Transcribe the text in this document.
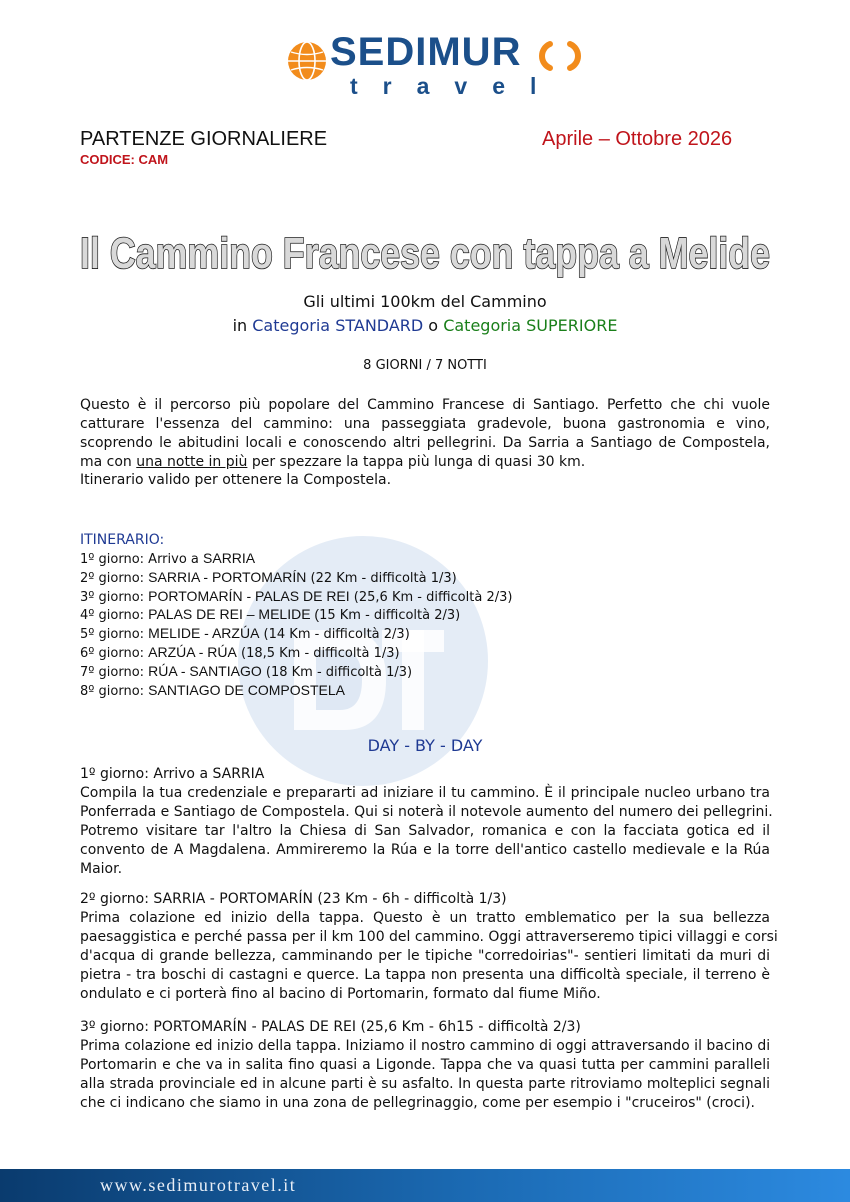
SEDIMUR
travel
PARTENZE GIORNALIERE
CODICE: CAM
Aprile – Ottobre 2026
Il Cammino Francese con tappa a Melide
Gli ultimi 100km del Cammino
in Categoria STANDARD o Categoria SUPERIORE
8 GIORNI / 7 NOTTI
Questo è il percorso più popolare del Cammino Francese di Santiago. Perfetto che chi vuole
catturare l'essenza del cammino: una passeggiata gradevole, buona gastronomia e vino,
scoprendo le abitudini locali e conoscendo altri pellegrini. Da Sarria a Santiago de Compostela,
ma con una notte in più per spezzare la tappa più lunga di quasi 30 km.
Itinerario valido per ottenere la Compostela.
ITINERARIO:
1º giorno: Arrivo a SARRIA
2º giorno: SARRIA - PORTOMARÍN (22 Km - difficoltà 1/3)
3º giorno: PORTOMARÍN - PALAS DE REI (25,6 Km - difficoltà 2/3)
4º giorno: PALAS DE REI – MELIDE (15 Km - difficoltà 2/3)
5º giorno: MELIDE - ARZÚA (14 Km - difficoltà 2/3)
6º giorno: ARZÚA - RÚA (18,5 Km - difficoltà 1/3)
7º giorno: RÚA - SANTIAGO (18 Km - difficoltà 1/3)
8º giorno: SANTIAGO DE COMPOSTELA
DAY - BY - DAY
1º giorno: Arrivo a SARRIA
Compila la tua credenziale e prepararti ad iniziare il tu cammino. È il principale nucleo urbano tra
Ponferrada e Santiago de Compostela. Qui si noterà il notevole aumento del numero dei pellegrini.
Potremo visitare tar l'altro la Chiesa di San Salvador, romanica e con la facciata gotica ed il
convento de A Magdalena. Ammireremo la Rúa e la torre dell'antico castello medievale e la Rúa
Maior.
2º giorno: SARRIA - PORTOMARÍN (23 Km - 6h - difficoltà 1/3)
Prima colazione ed inizio della tappa. Questo è un tratto emblematico per la sua bellezza
paesaggistica e perché passa per il km 100 del cammino. Oggi attraverseremo tipici villaggi e corsi
d'acqua di grande bellezza, camminando per le tipiche "corredoirias"- sentieri limitati da muri di
pietra - tra boschi di castagni e querce. La tappa non presenta una difficoltà speciale, il terreno è
ondulato e ci porterà fino al bacino di Portomarin, formato dal fiume Miño.
3º giorno: PORTOMARÍN - PALAS DE REI (25,6 Km - 6h15 - difficoltà 2/3)
Prima colazione ed inizio della tappa. Iniziamo il nostro cammino di oggi attraversando il bacino di
Portomarin e che va in salita fino quasi a Ligonde. Tappa che va quasi tutta per cammini paralleli
alla strada provinciale ed in alcune parti è su asfalto. In questa parte ritroviamo molteplici segnali
che ci indicano che siamo in una zona de pellegrinaggio, come per esempio i "cruceiros" (croci).
www.sedimurotravel.it
